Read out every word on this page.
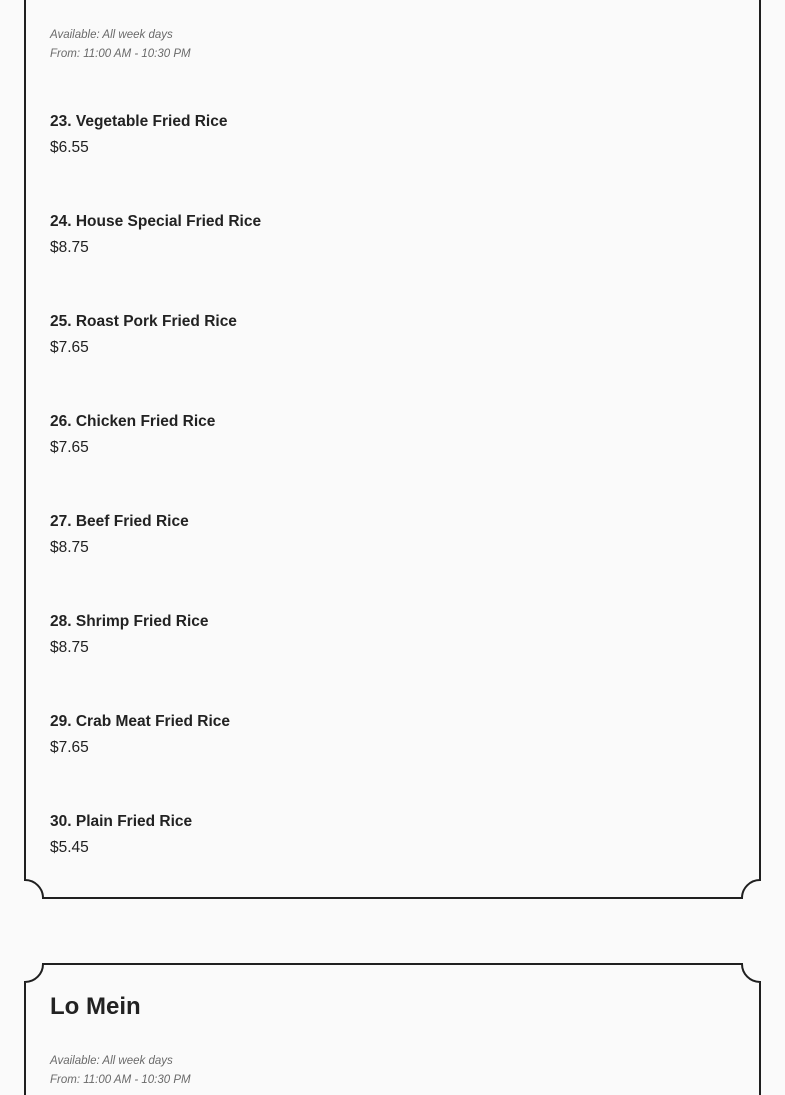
Available: All week days
From: 11:00 AM - 10:30 PM
23. Vegetable Fried Rice
$6.55
24. House Special Fried Rice
$8.75
25. Roast Pork Fried Rice
$7.65
26. Chicken Fried Rice
$7.65
27. Beef Fried Rice
$8.75
28. Shrimp Fried Rice
$8.75
29. Crab Meat Fried Rice
$7.65
30. Plain Fried Rice
$5.45
Lo Mein
Available: All week days
From: 11:00 AM - 10:30 PM
